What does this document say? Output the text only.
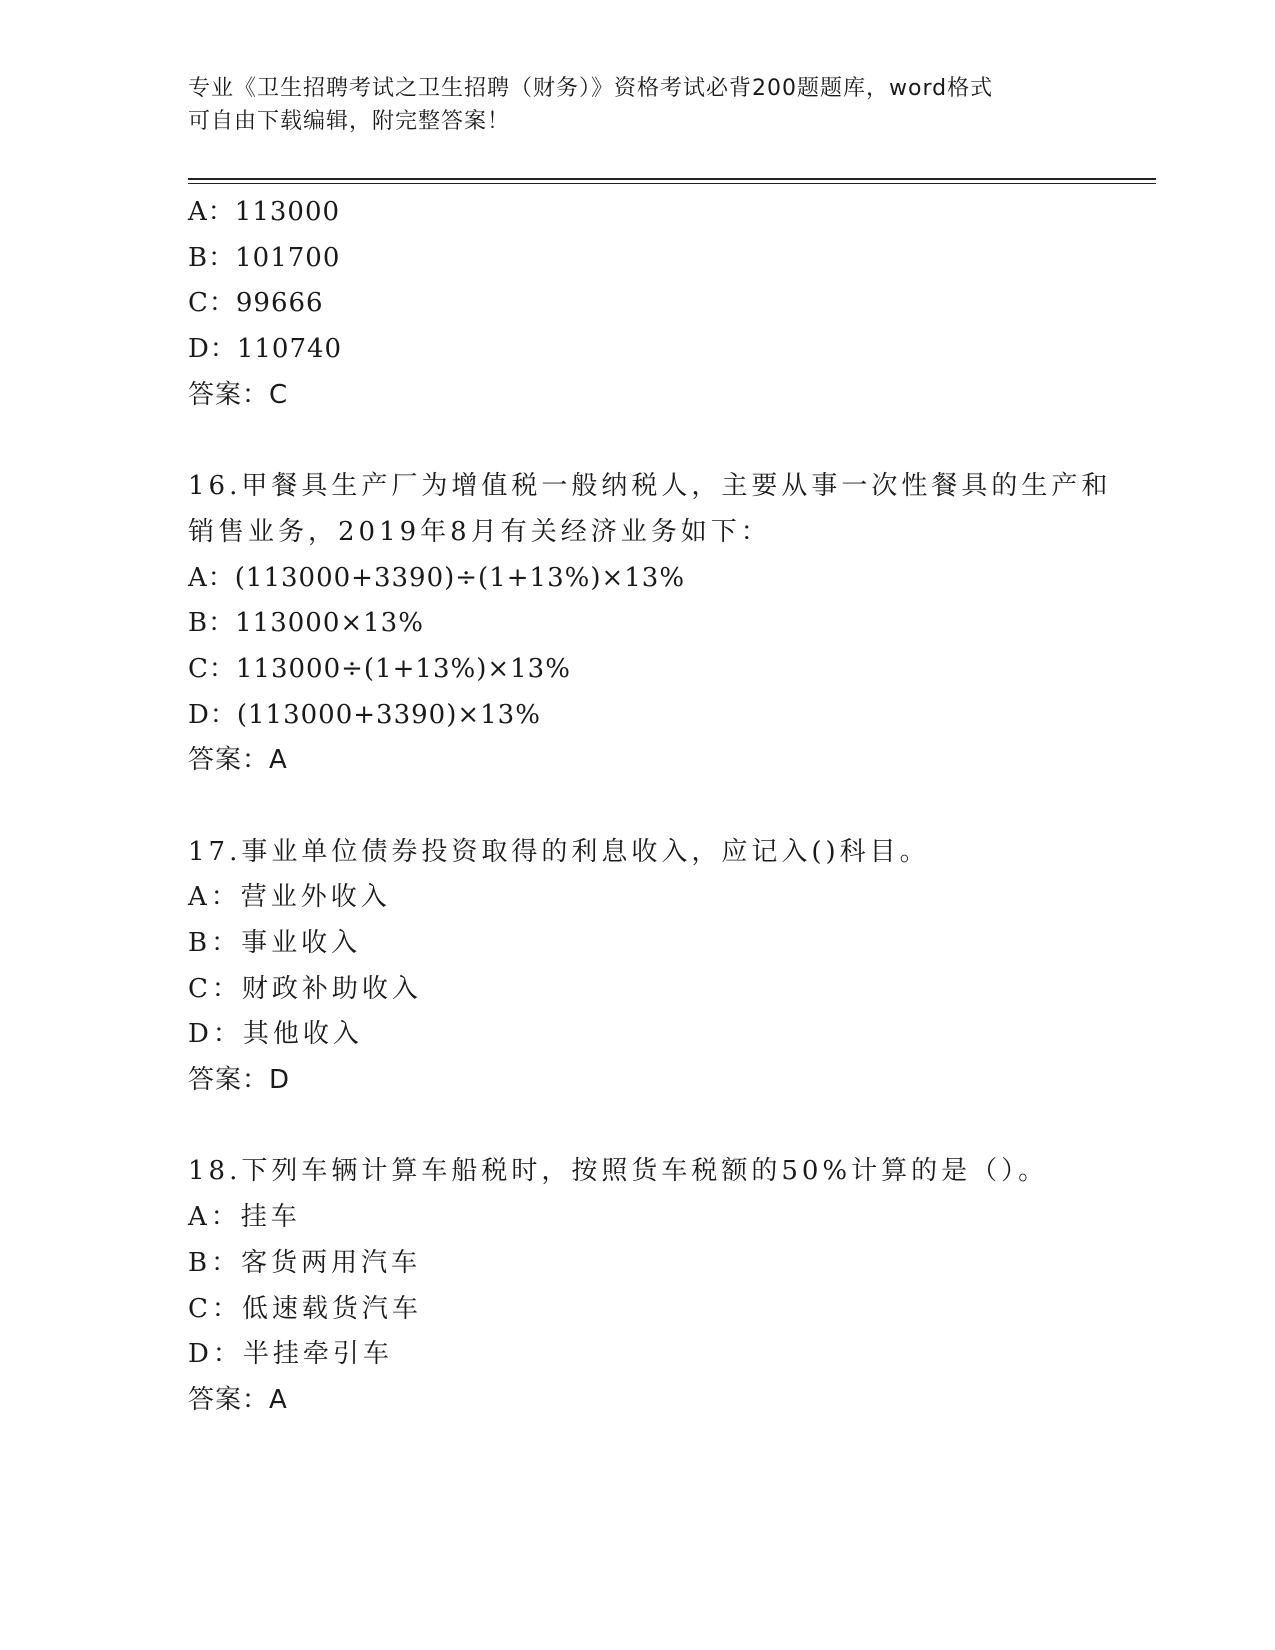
专业《卫生招聘考试之卫生招聘（财务）》资格考试必背200题题库，word格式
可自由下载编辑，附完整答案！
A：113000
B：101700
C：99666
D：110740
答案：C
16.甲餐具生产厂为增值税一般纳税人，主要从事一次性餐具的生产和
销售业务，2019年8月有关经济业务如下：
A：(113000+3390)÷(1+13%)×13%
B：113000×13%
C：113000÷(1+13%)×13%
D：(113000+3390)×13%
答案：A
17.事业单位债券投资取得的利息收入，应记入()科目。
A：营业外收入
B：事业收入
C：财政补助收入
D：其他收入
答案：D
18.下列车辆计算车船税时，按照货车税额的50%计算的是（）。
A：挂车
B：客货两用汽车
C：低速载货汽车
D：半挂牵引车
答案：A
